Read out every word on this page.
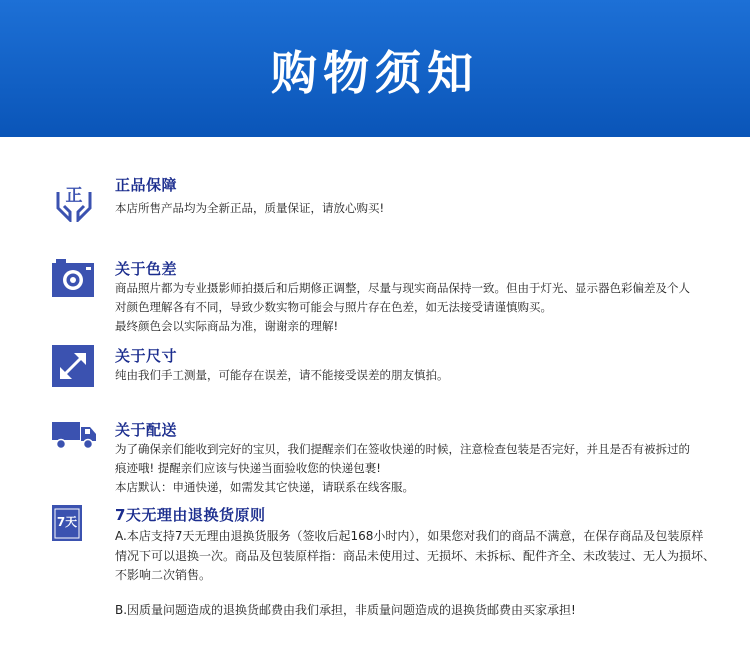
购物须知
正
正品保障

本店所售产品均为全新正品，质量保证，请放心购买!

关于色差

商品照片都为专业摄影师拍摄后和后期修正调整，尽量与现实商品保持一致。但由于灯光、显示器色彩偏差及个人

对颜色理解各有不同，导致少数实物可能会与照片存在色差，如无法接受请谨慎购买。

最终颜色会以实际商品为准，谢谢亲的理解!

关于尺寸

纯由我们手工测量，可能存在误差，请不能接受误差的朋友慎拍。

关于配送

为了确保亲们能收到完好的宝贝，我们提醒亲们在签收快递的时候，注意检查包装是否完好，并且是否有被拆过的

痕迹哦! 提醒亲们应该与快递当面验收您的快递包裹!

本店默认：申通快递，如需发其它快递，请联系在线客服。

7天	7天无理由退换货原则

A.本店支持7天无理由退换货服务（签收后起168小时内），如果您对我们的商品不满意，在保存商品及包装原样

情况下可以退换一次。商品及包装原样指：商品未使用过、无损坏、未拆标、配件齐全、未改装过、无人为损坏、

不影响二次销售。

B.因质量问题造成的退换货邮费由我们承担，非质量问题造成的退换货邮费由买家承担!
